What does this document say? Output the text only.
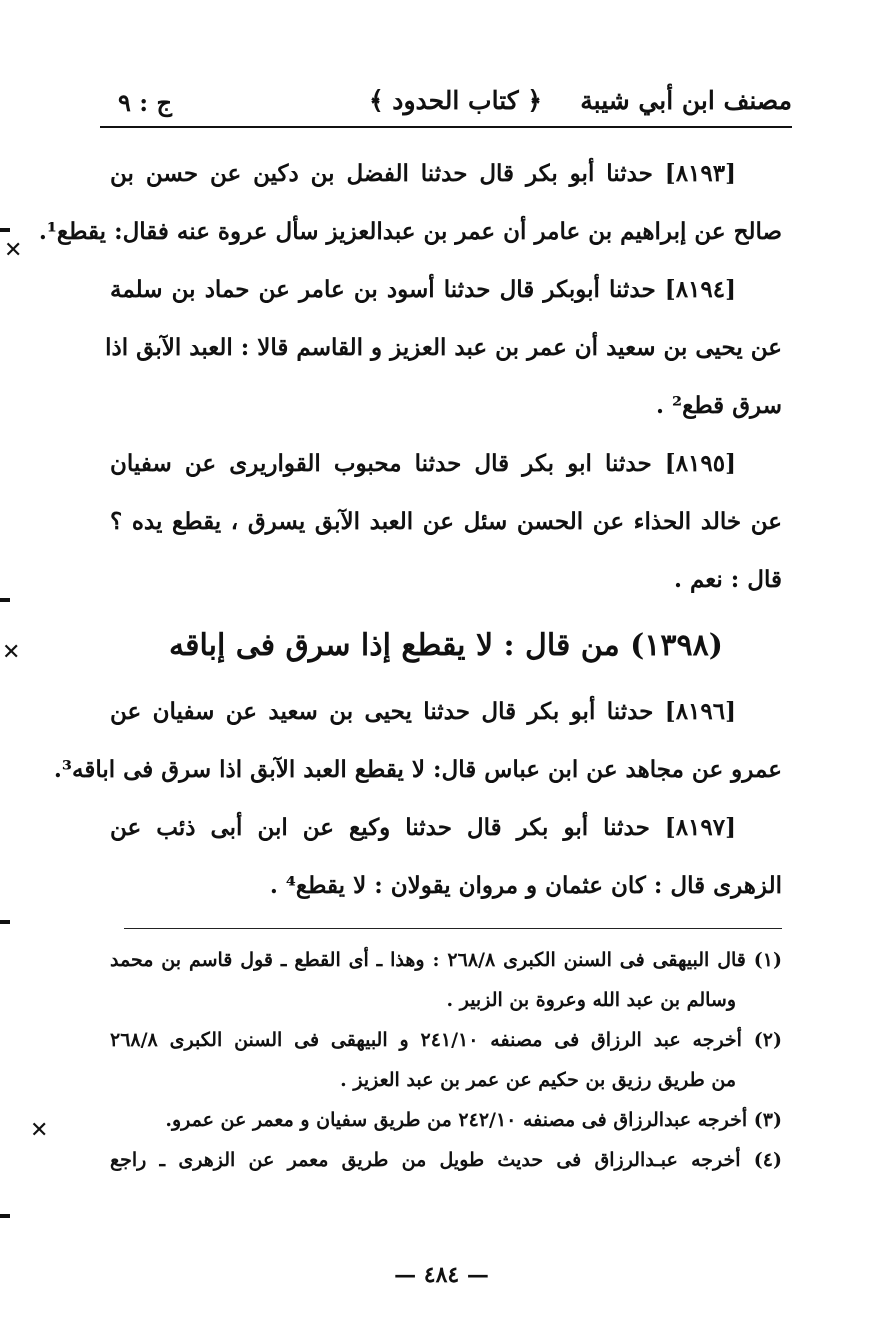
مصنف ابن أبي شيبة
﴿ كتاب الحدود ﴾
ج : ٩
[٨١٩٣] حدثنا أبو بكر قال حدثنا الفضل بن دكين عن حسن بن
صالح عن إبراهيم بن عامر أن عمر بن عبدالعزيز سأل عروة عنه فقال: يقطع¹.
[٨١٩٤] حدثنا أبوبكر قال حدثنا أسود بن عامر عن حماد بن سلمة
عن يحيى بن سعيد أن عمر بن عبد العزيز و القاسم قالا : العبد الآبق اذا
سرق قطع² .
[٨١٩٥] حدثنا ابو بكر قال حدثنا محبوب القواريرى عن سفيان
عن خالد الحذاء عن الحسن سئل عن العبد الآبق يسرق ، يقطع يده ؟
قال : نعم .
(١٣٩٨) من قال : لا يقطع إذا سرق فى إباقه
[٨١٩٦] حدثنا أبو بكر قال حدثنا يحيى بن سعيد عن سفيان عن
عمرو عن مجاهد عن ابن عباس قال: لا يقطع العبد الآبق اذا سرق فى اباقه³.
[٨١٩٧] حدثنا أبو بكر قال حدثنا وكيع عن ابن أبى ذئب عن
الزهرى قال : كان عثمان و مروان يقولان : لا يقطع⁴ .
(١) قال البيهقى فى السنن الكبرى ٢٦٨/٨ : وهذا ـ أى القطع ـ قول قاسم بن محمد
وسالم بن عبد الله وعروة بن الزبير .
(٢) أخرجه عبد الرزاق فى مصنفه ٢٤١/١٠ و البيهقى فى السنن الكبرى ٢٦٨/٨
من طريق رزيق بن حكيم عن عمر بن عبد العزيز .
(٣) أخرجه عبدالرزاق فى مصنفه ٢٤٢/١٠ من طريق سفيان و معمر عن عمرو.
(٤) أخرجه عبـدالرزاق فى حديث طويل من طريق معمر عن الزهرى ـ راجع
— ٤٨٤ —
✕
✕
✕
